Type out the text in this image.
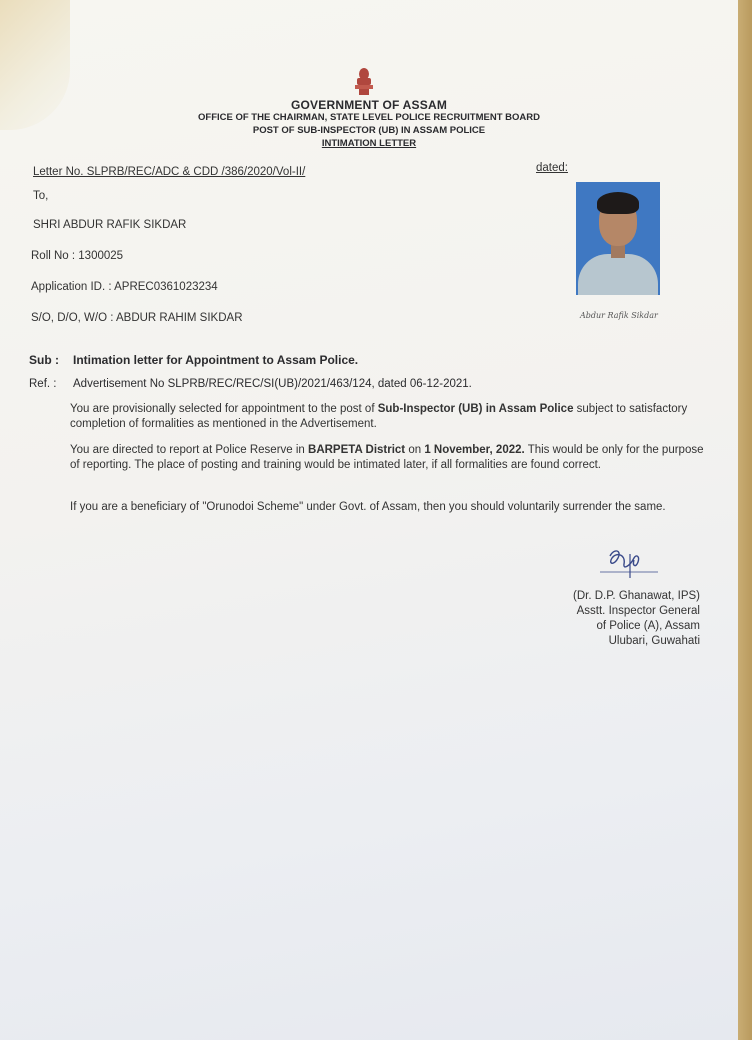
GOVERNMENT OF ASSAM
OFFICE OF THE CHAIRMAN, STATE LEVEL POLICE RECRUITMENT BOARD
POST OF SUB-INSPECTOR (UB) IN ASSAM POLICE
INTIMATION LETTER
Letter No. SLPRB/REC/ADC & CDD /386/2020/Vol-II/	dated:
To,
SHRI ABDUR RAFIK SIKDAR
Roll No : 1300025
Application ID. : APREC0361023234
S/O, D/O, W/O : ABDUR RAHIM SIKDAR	Abdur Rafik Sikdar
Sub : Intimation letter for Appointment to Assam Police.
Ref. : Advertisement No SLPRB/REC/REC/SI(UB)/2021/463/124, dated 06-12-2021.
You are provisionally selected for appointment to the post of Sub-Inspector (UB) in Assam Police subject to satisfactory completion of formalities as mentioned in the Advertisement.
You are directed to report at Police Reserve in BARPETA District on 1 November, 2022. This would be only for the purpose of reporting. The place of posting and training would be intimated later, if all formalities are found correct.
If you are a beneficiary of "Orunodoi Scheme" under Govt. of Assam, then you should voluntarily surrender the same.
(Dr. D.P. Ghanawat, IPS)
Asstt. Inspector General
of Police (A), Assam
Ulubari, Guwahati
